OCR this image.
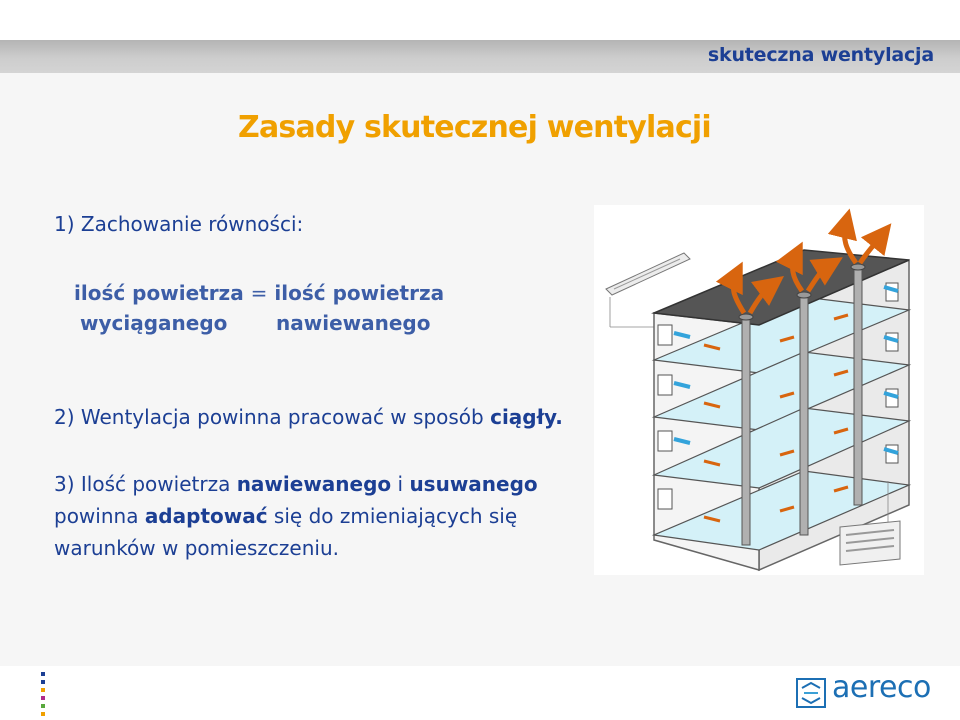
skuteczna wentylacja
Zasady skutecznej wentylacji
1) Zachowanie równości:
ilość powietrza = ilość powietrza
wyciąganego nawiewanego
2) Wentylacja powinna pracować w sposób ciągły.
3) Ilość powietrza nawiewanego i usuwanego
powinna adaptować się do zmieniających się
warunków w pomieszczeniu.
aereco
